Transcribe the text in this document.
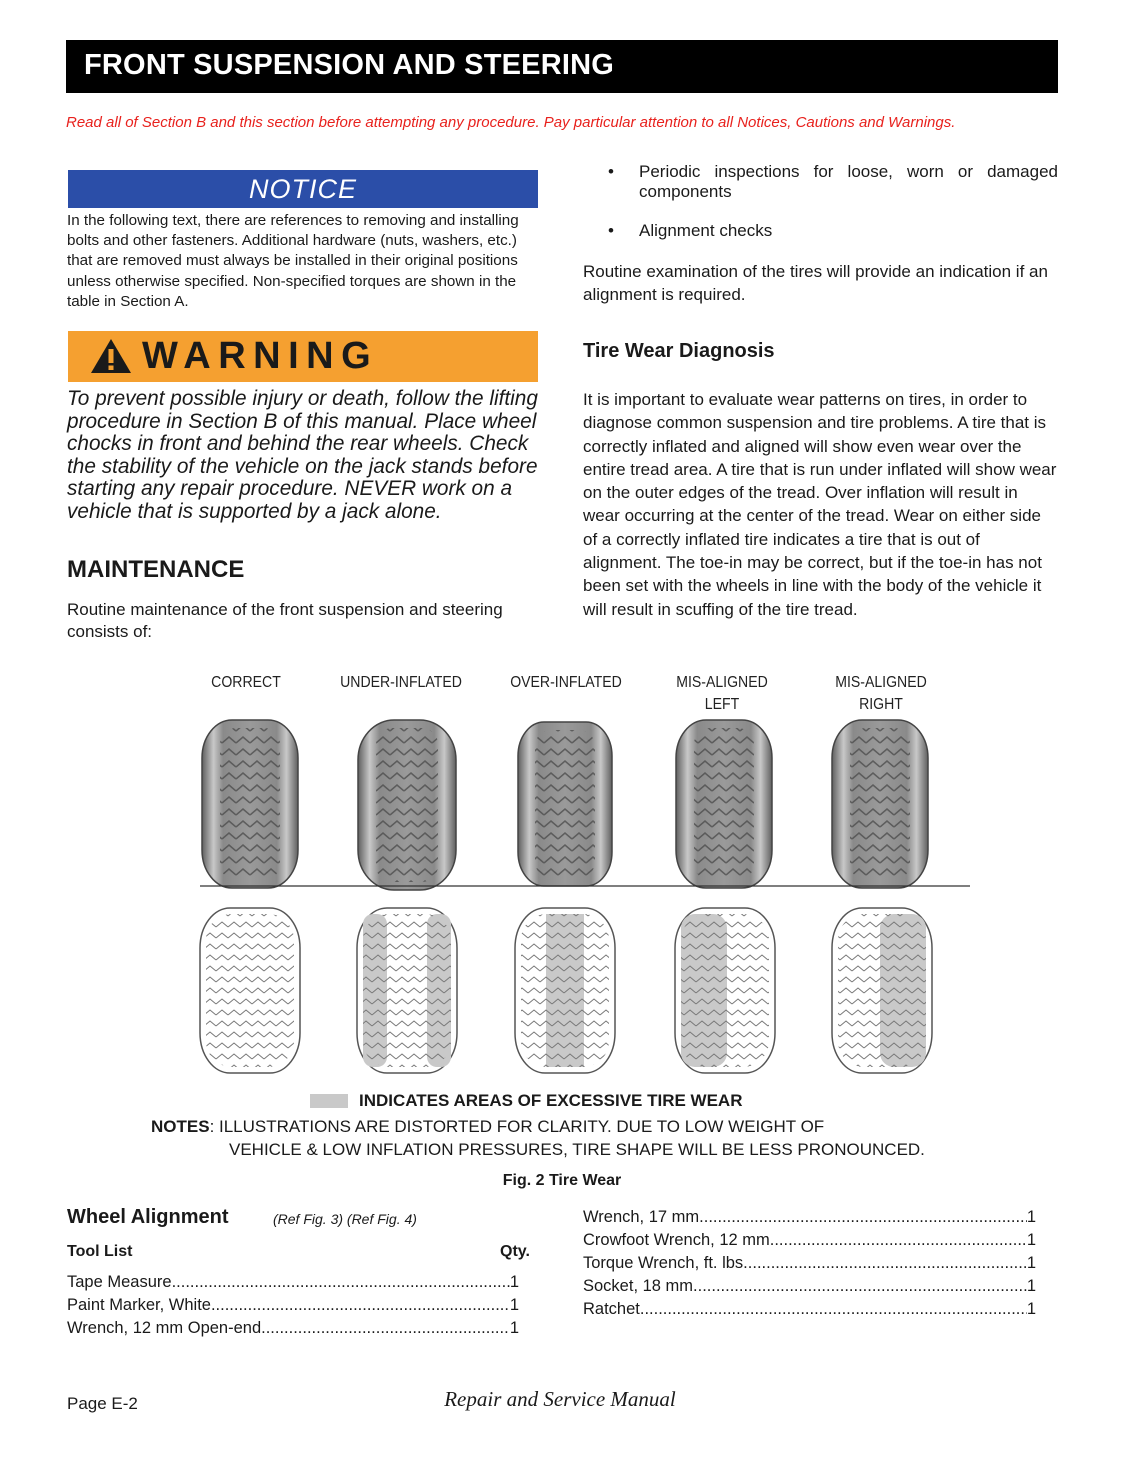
FRONT SUSPENSION AND STEERING
Read all of Section B and this section before attempting any procedure. Pay particular attention to all Notices, Cautions and Warnings.
NOTICE
In the following text, there are references to removing and installing bolts and other fasteners. Additional hardware (nuts, washers, etc.) that are removed must always be installed in their original positions unless otherwise specified. Non-specified torques are shown in the table in Section A.
WARNING
To prevent possible injury or death, follow the lifting procedure in Section B of this manual. Place wheel chocks in front and behind the rear wheels. Check the stability of the vehicle on the jack stands before starting any repair procedure. NEVER work on a vehicle that is supported by a jack alone.
MAINTENANCE
Routine maintenance of the front suspension and steering consists of:
• Periodic inspections for loose, worn or damaged components
• Alignment checks
Routine examination of the tires will provide an indication if an alignment is required.
Tire Wear Diagnosis
It is important to evaluate wear patterns on tires, in order to diagnose common suspension and tire problems. A tire that is correctly inflated and aligned will show even wear over the entire tread area. A tire that is run under inflated will show wear on the outer edges of the tread. Over inflation will result in wear occurring at the center of the tread. Wear on either side of a correctly inflated tire indicates a tire that is out of alignment. The toe-in may be correct, but if the toe-in has not been set with the wheels in line with the body of the vehicle it will result in scuffing of the tire tread.
CORRECT	UNDER-INFLATED	OVER-INFLATED	MIS-ALIGNED
LEFT
MIS-ALIGNED
RIGHT
INDICATES AREAS OF EXCESSIVE TIRE WEAR
NOTES: ILLUSTRATIONS ARE DISTORTED FOR CLARITY. DUE TO LOW WEIGHT OF
VEHICLE & LOW INFLATION PRESSURES, TIRE SHAPE WILL BE LESS PRONOUNCED.
Fig. 2 Tire Wear
Wheel Alignment	(Ref Fig. 3) (Ref Fig. 4)
Tool List	Qty.
Tape Measure .....	1
Paint Marker, White .....	1
Wrench, 12 mm Open-end .....	1
Wrench, 17 mm .....	1
Crowfoot Wrench, 12 mm .....	1
Torque Wrench, ft. lbs. .....	1
Socket, 18 mm .....	1
Ratchet .....	1
Page E-2	Repair and Service Manual
